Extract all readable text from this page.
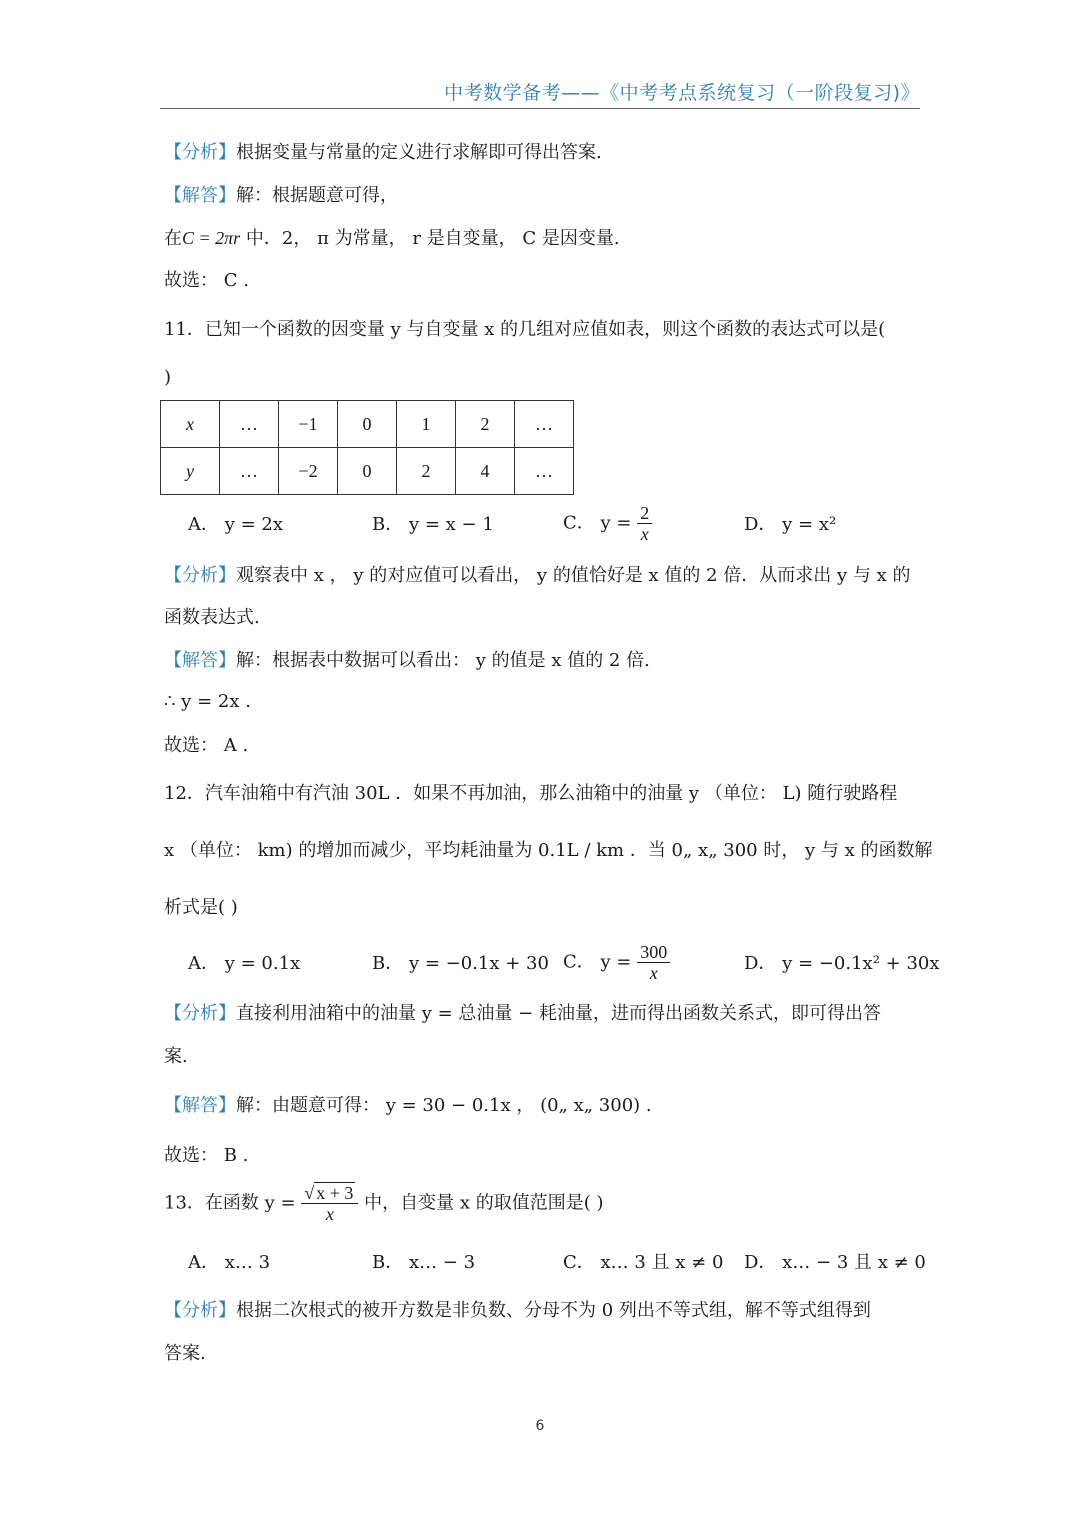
中考数学备考——《中考考点系统复习（一阶段复习)》
【分析】根据变量与常量的定义进行求解即可得出答案.
【解答】解：根据题意可得，
在C = 2πr 中．2， π 为常量， r 是自变量， C 是因变量.
故选： C .
11．已知一个函数的因变量 y 与自变量 x 的几组对应值如表，则这个函数的表达式可以是(
)
x	…	−1	0	1	2	…
y	…	−2	0	2	4	…
A． y = 2x	B． y = x − 1	C． $y = \frac{2}{x}$	D． y = x²
【分析】观察表中 x ， y 的对应值可以看出， y 的值恰好是 x 值的 2 倍．从而求出 y 与 x 的
函数表达式.
【解答】解：根据表中数据可以看出： y 的值是 x 值的 2 倍.
∴ y = 2x .
故选： A .
12．汽车油箱中有汽油 30L ．如果不再加油，那么油箱中的油量 y （单位： L) 随行驶路程
x （单位： km) 的增加而减少，平均耗油量为 0.1L / km ．当 0„ x„ 300 时， y 与 x 的函数解
析式是( )
A． y = 0.1x	B． y = −0.1x + 30 C． $y = \frac{300}{x}$	D． y = −0.1x² + 30x
【分析】直接利用油箱中的油量 y = 总油量 − 耗油量，进而得出函数关系式，即可得出答
案.
【解答】解：由题意可得： y = 30 − 0.1x ， (0„ x„ 300) .
故选： B .
13．在函数 $y = \frac{√ x + 3}{x}$ 中，自变量 x 的取值范围是( )
A． x… 3	B． x… − 3	C． x… 3 且 x ≠ 0 D． x… − 3 且 x ≠ 0
【分析】根据二次根式的被开方数是非负数、分母不为 0 列出不等式组，解不等式组得到
答案.
6
